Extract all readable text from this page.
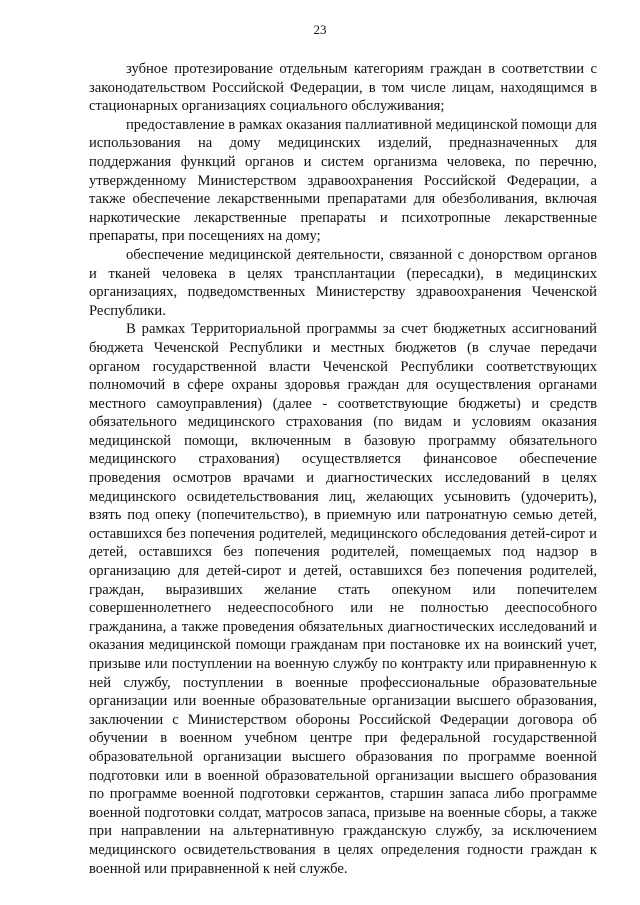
23

зубное протезирование отдельным категориям граждан в соответствии с законодательством Российской Федерации, в том числе лицам, находящимся в стационарных организациях социального обслуживания;

предоставление в рамках оказания паллиативной медицинской помощи для использования на дому медицинских изделий, предназначенных для поддержания функций органов и систем организма человека, по перечню, утвержденному Министерством здравоохранения Российской Федерации, а также обеспечение лекарственными препаратами для обезболивания, включая наркотические лекарственные препараты и психотропные лекарственные препараты, при посещениях на дому;

обеспечение медицинской деятельности, связанной с донорством органов и тканей человека в целях трансплантации (пересадки), в медицинских организациях, подведомственных Министерству здравоохранения Чеченской Республики.

В рамках Территориальной программы за счет бюджетных ассигнований бюджета Чеченской Республики и местных бюджетов (в случае передачи органом государственной власти Чеченской Республики соответствующих полномочий в сфере охраны здоровья граждан для осуществления органами местного самоуправления) (далее - соответствующие бюджеты) и средств обязательного медицинского страхования (по видам и условиям оказания медицинской помощи, включенным в базовую программу обязательного медицинского страхования) осуществляется финансовое обеспечение проведения осмотров врачами и диагностических исследований в целях медицинского освидетельствования лиц, желающих усыновить (удочерить), взять под опеку (попечительство), в приемную или патронатную семью детей, оставшихся без попечения родителей, медицинского обследования детей-сирот и детей, оставшихся без попечения родителей, помещаемых под надзор в организацию для детей-сирот и детей, оставшихся без попечения родителей, граждан, выразивших желание стать опекуном или попечителем совершеннолетнего недееспособного или не полностью дееспособного гражданина, а также проведения обязательных диагностических исследований и оказания медицинской помощи гражданам при постановке их на воинский учет, призыве или поступлении на военную службу по контракту или приравненную к ней службу, поступлении в военные профессиональные образовательные организации или военные образовательные организации высшего образования, заключении с Министерством обороны Российской Федерации договора об обучении в военном учебном центре при федеральной государственной образовательной организации высшего образования по программе военной подготовки или в военной образовательной организации высшего образования по программе военной подготовки сержантов, старшин запаса либо программе военной подготовки солдат, матросов запаса, призыве на военные сборы, а также при направлении на альтернативную гражданскую службу, за исключением медицинского освидетельствования в целях определения годности граждан к военной или приравненной к ней службе.
